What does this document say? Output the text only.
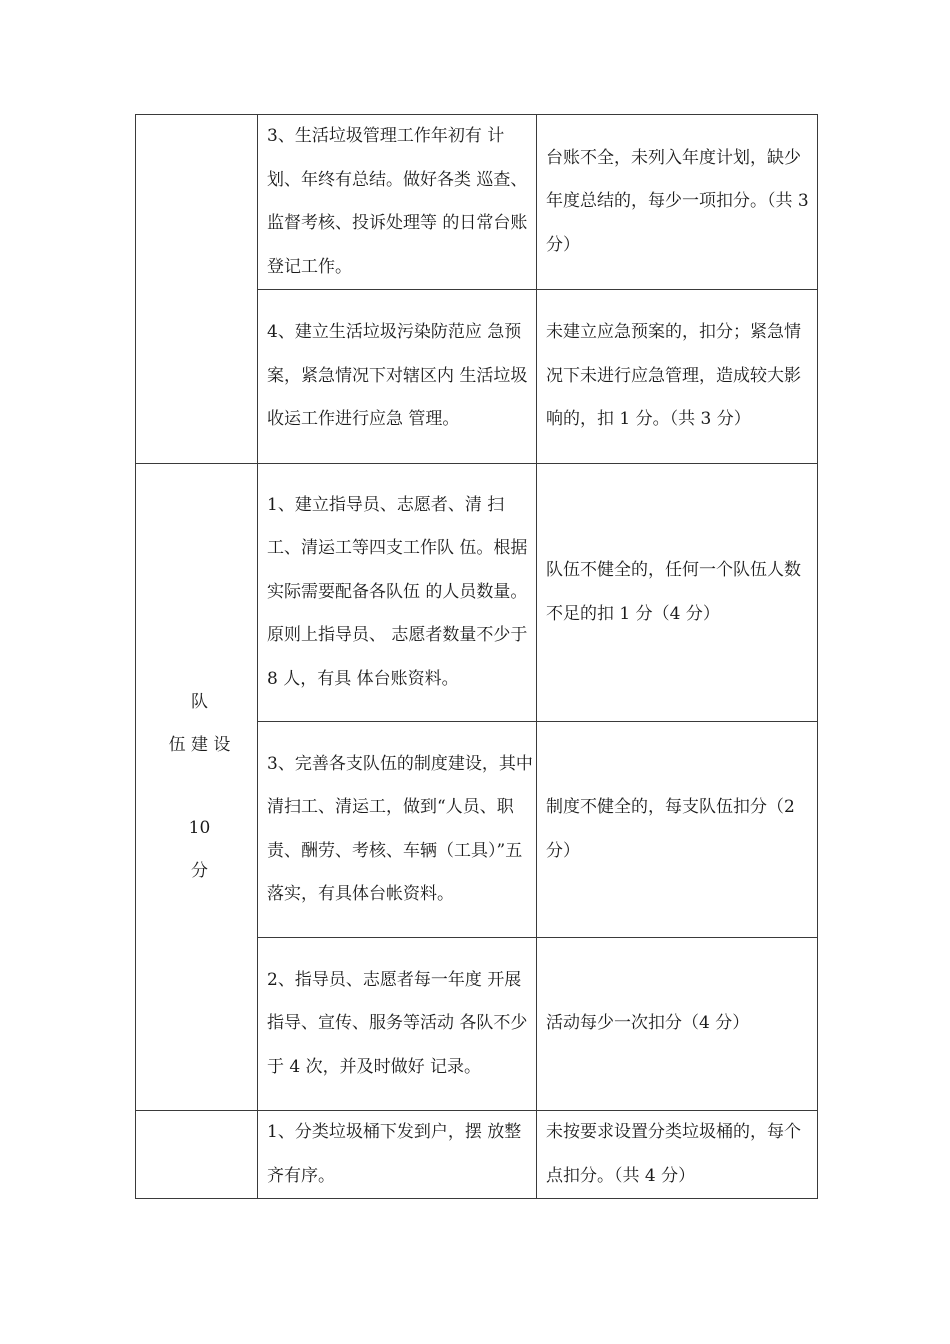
	3、生活垃圾管理工作年初有 计划、年终有总结。做好各类 巡查、监督考核、投诉处理等 的日常台账登记工作。	台账不全，未列入年度计划，缺少年度总结的，每少一项扣分。（共 3 分）
	4、建立生活垃圾污染防范应 急预案，紧急情况下对辖区内 生活垃圾收运工作进行应急 管理。	未建立应急预案的，扣分；紧急情况下未进行应急管理，造成较大影响的，扣 1 分。（共 3 分）

队
伍 建 设
10
分	1、建立指导员、志愿者、清 扫工、清运工等四支工作队 伍。根据实际需要配备各队伍 的人员数量。原则上指导员、 志愿者数量不少于 8 人，有具 体台账资料。	队伍不健全的，任何一个队伍人数不足的扣 1 分（4 分）
	3、完善各支队伍的制度建设，其中清扫工、清运工，做到“人员、职责、酬劳、考核、车辆（工具）”五落实，有具体台帐资料。	制度不健全的，每支队伍扣分（2 分）
	2、指导员、志愿者每一年度 开展指导、宣传、服务等活动 各队不少于 4 次，并及时做好 记录。	活动每少一次扣分（4 分）
	1、分类垃圾桶下发到户，摆 放整齐有序。	未按要求设置分类垃圾桶的，每个点扣分。（共 4 分）
